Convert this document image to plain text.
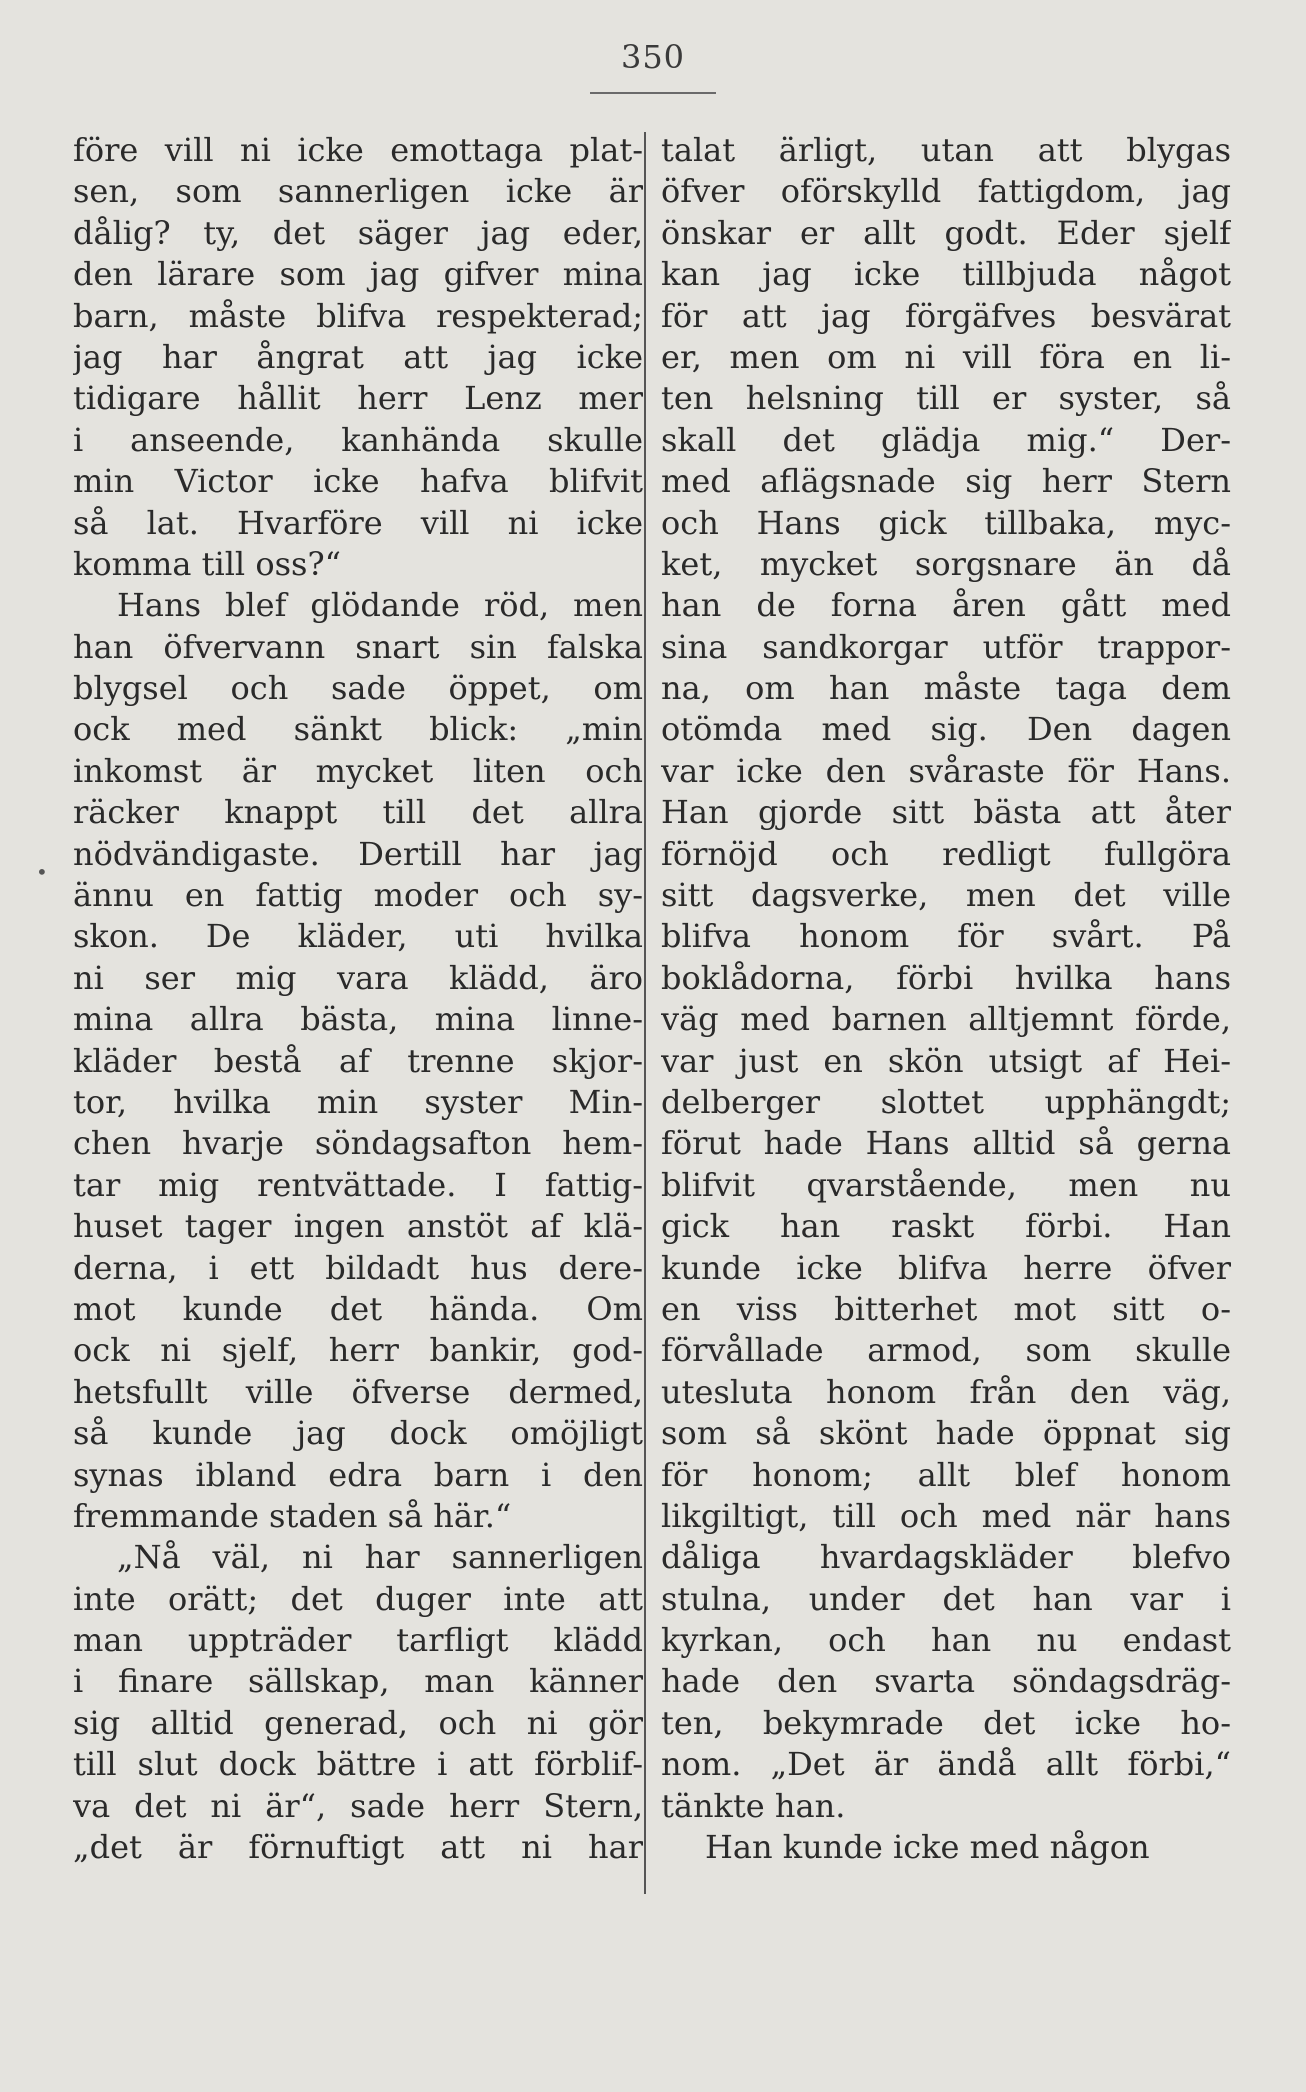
350
•
före vill ni icke emottaga plat-
sen, som sannerligen icke är
dålig? ty, det säger jag eder,
den lärare som jag gifver mina
barn, måste blifva respekterad;
jag har ångrat att jag icke
tidigare hållit herr Lenz mer
i anseende, kanhända skulle
min Victor icke hafva blifvit
så lat. Hvarföre vill ni icke
komma till oss?“
Hans blef glödande röd, men
han öfvervann snart sin falska
blygsel och sade öppet, om
ock med sänkt blick: „min
inkomst är mycket liten och
räcker knappt till det allra
nödvändigaste. Dertill har jag
ännu en fattig moder och sy-
skon. De kläder, uti hvilka
ni ser mig vara klädd, äro
mina allra bästa, mina linne-
kläder bestå af trenne skjor-
tor, hvilka min syster Min-
chen hvarje söndagsafton hem-
tar mig rentvättade. I fattig-
huset tager ingen anstöt af klä-
derna, i ett bildadt hus dere-
mot kunde det hända. Om
ock ni sjelf, herr bankir, god-
hetsfullt ville öfverse dermed,
så kunde jag dock omöjligt
synas ibland edra barn i den
fremmande staden så här.“
„Nå väl, ni har sannerligen
inte orätt; det duger inte att
man uppträder tarfligt klädd
i finare sällskap, man känner
sig alltid generad, och ni gör
till slut dock bättre i att förblif-
va det ni är“, sade herr Stern,
„det är förnuftigt att ni har
talat ärligt, utan att blygas
öfver oförskylld fattigdom, jag
önskar er allt godt. Eder sjelf
kan jag icke tillbjuda något
för att jag förgäfves besvärat
er, men om ni vill föra en li-
ten helsning till er syster, så
skall det glädja mig.“ Der-
med aflägsnade sig herr Stern
och Hans gick tillbaka, myc-
ket, mycket sorgsnare än då
han de forna åren gått med
sina sandkorgar utför trappor-
na, om han måste taga dem
otömda med sig. Den dagen
var icke den svåraste för Hans.
Han gjorde sitt bästa att åter
förnöjd och redligt fullgöra
sitt dagsverke, men det ville
blifva honom för svårt. På
boklådorna, förbi hvilka hans
väg med barnen alltjemnt förde,
var just en skön utsigt af Hei-
delberger slottet upphängdt;
förut hade Hans alltid så gerna
blifvit qvarstående, men nu
gick han raskt förbi. Han
kunde icke blifva herre öfver
en viss bitterhet mot sitt o-
förvållade armod, som skulle
utesluta honom från den väg,
som så skönt hade öppnat sig
för honom; allt blef honom
likgiltigt, till och med när hans
dåliga hvardagskläder blefvo
stulna, under det han var i
kyrkan, och han nu endast
hade den svarta söndagsdräg-
ten, bekymrade det icke ho-
nom. „Det är ändå allt förbi,“
tänkte han.
Han kunde icke med någon
